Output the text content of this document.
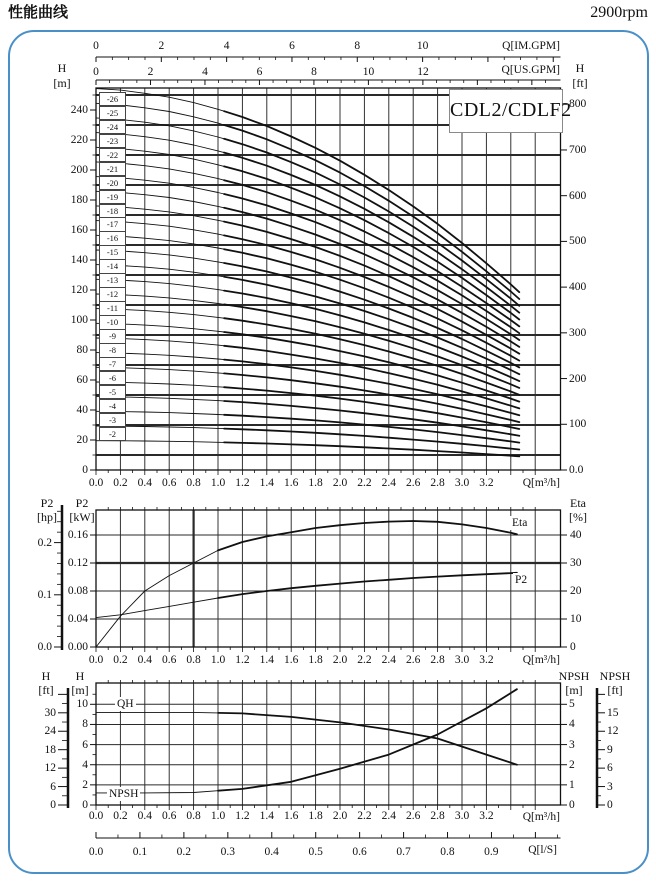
性能曲线	2900rpm
Q[IM.GPM]
Q[US.GPM]
H
[m]
H
[ft]
Q[m³/h]
CDL2/CDLF2
P2
[hp]
P2
[kW]
Eta
[%]
Q[m³/h]
Eta
P2
H
[ft]
H
[m]
NPSH
[m]
NPSH
[ft]
QH
NPSH
Q[m³/h]
Q[l/S]
-26
-25
-24
-23
-22
-21
-20
-19
-18
-17
-16
-15
-14
-13
-12
-11
-10
-9
-8
-7
-6
-5
-4
-3
-2
0	2	4	6	8	10
0	2	4	6	8	10	12
0.0	0.1	0.2	0.3	0.4	0.5	0.6	0.7	0.8	0.9
0.0
0.0
0.0
0.2
0.2
0.2
0.4
0.4
0.4
0.6
0.6
0.6
0.8
0.8
0.8
1.0
1.0
1.0
1.2
1.2
1.2
1.4
1.4
1.4
1.6
1.6
1.6
1.8
1.8
1.8
2.0
2.0
2.0
2.2
2.2
2.2
2.4
2.4
2.4
2.6
2.6
2.6
2.8
2.8
2.8
3.0
3.0
3.0
3.2
3.2
3.2
0
20
40
60
80
100
120
140
160
180
200
220
240
0.0
100
200
300
400
500
600
700
800
0.00
0.04
0.08
0.12
0.16
0.0
0.1
0.2
0
10
20
30
40
0
2
4
6
8
10
0
6
12
18
24
30
0
1
2
3
4
5
0
3
6
9
12
15
